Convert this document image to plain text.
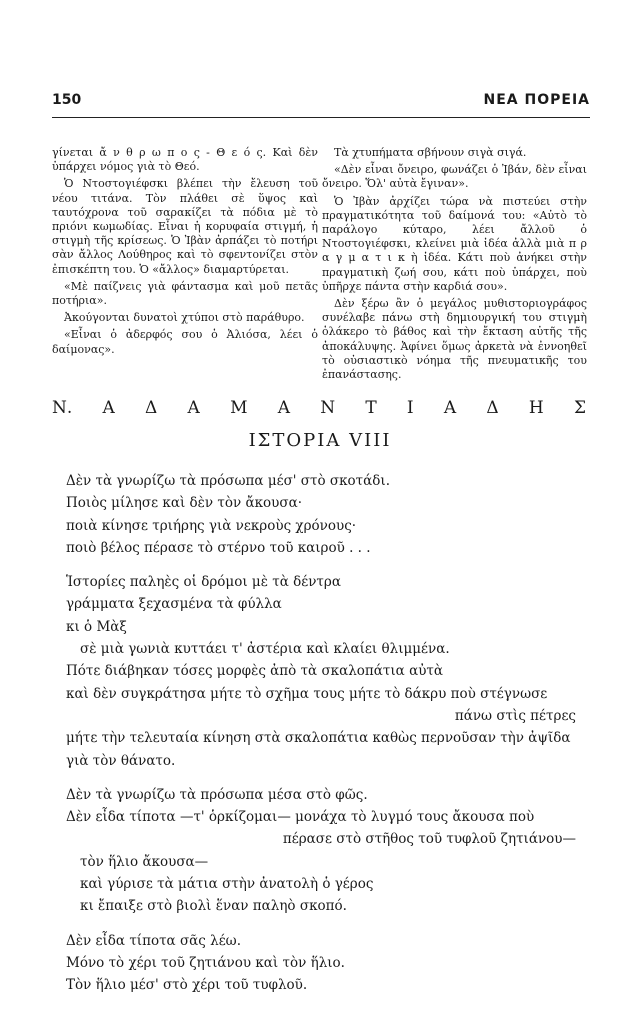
150	ΝΕΑ ΠΟΡΕΙΑ

γίνεται ἄ ν θ ρ ω π ο ς - Θ ε ό ς. Καὶ δὲν ὑπάρχει νόμος γιὰ τὸ Θεό.

Ὁ Ντοστογιέφσκι βλέπει τὴν ἔλευση τοῦ νέου τιτάνα. Τὸν πλάθει σὲ ὕψος καὶ ταυτόχρονα τοῦ σαρακίζει τὰ πόδια μὲ τὸ πριόνι κωμωδίας. Εἶναι ἡ κορυφαία στιγμή, ἡ στιγμὴ τῆς κρίσεως. Ὁ Ἰβὰν ἀρπάζει τὸ ποτήρι σὰν ἄλλος Λούθηρος καὶ τὸ σφεντονίζει στὸν ἐπισκέπτη του. Ὁ «ἄλλος» διαμαρτύρεται.

«Μὲ παίζνεις γιὰ φάντασμα καὶ μοῦ πετᾶς ποτήρια».

Ἀκούγονται δυνατοὶ χτύποι στὸ παράθυρο.

«Εἶναι ὁ ἀδερφός σου ὁ Ἀλιόσα, λέει ὁ δαίμονας».

Τὰ χτυπήματα σβήνουν σιγὰ σιγά.

«Δὲν εἶναι ὄνειρο, φωνάζει ὁ Ἰβάν, δὲν εἶναι ὄνειρο. Ὅλ' αὐτὰ ἔγιναν».

Ὁ Ἰβὰν ἀρχίζει τώρα νὰ πιστεύει στὴν πραγματικότητα τοῦ δαίμονά του: «Αὐτὸ τὸ παράλογο κύταρο, λέει ἄλλοῦ ὁ Ντοστογιέφσκι, κλείνει μιὰ ἰδέα ἀλλὰ μιὰ π ρ α γ μ α τ ι κ ὴ ἰδέα. Κάτι ποὺ ἀνήκει στὴν πραγματικὴ ζωή σου, κάτι ποὺ ὑπάρχει, ποὺ ὑπῆρχε πάντα στὴν καρδιά σου».

Δὲν ξέρω ἂν ὁ μεγάλος μυθιστοριογράφος συνέλαβε πάνω στὴ δημιουργική του στιγμὴ ὁλάκερο τὸ βάθος καὶ τὴν ἔκταση αὐτῆς τῆς ἀποκάλυψης. Ἀφίνει ὅμως ἀρκετὰ νὰ ἐννοηθεῖ τὸ οὐσιαστικὸ νόημα τῆς πνευματικῆς του ἐπανάστασης.

Ν. Α Δ Α Μ Α Ν Τ Ι Α Δ Η Σ
ΙΣΤΟΡΙΑ VIII
Δὲν τὰ γνωρίζω τὰ πρόσωπα μέσ' στὸ σκοτάδι.
Ποιὸς μίλησε καὶ δὲν τὸν ἄκουσα·
ποιὰ κίνησε τριήρης γιὰ νεκροὺς χρόνους·
ποιὸ βέλος πέρασε τὸ στέρνο τοῦ καιροῦ . . .
Ἱστορίες παληὲς οἱ δρόμοι μὲ τὰ δέντρα
γράμματα ξεχασμένα τὰ φύλλα
κι ὁ Μὰξ
σὲ μιὰ γωνιὰ κυττάει τ' ἀστέρια καὶ κλαίει θλιμμένα.
Πότε διάβηκαν τόσες μορφὲς ἀπὸ τὰ σκαλοπάτια αὐτὰ
καὶ δὲν συγκράτησα μήτε τὸ σχῆμα τους μήτε τὸ δάκρυ ποὺ στέγνωσε
πάνω στὶς πέτρες
μήτε τὴν τελευταία κίνηση στὰ σκαλοπάτια καθὼς περνοῦσαν τὴν ἀψῖδα
γιὰ τὸν θάνατο.
Δὲν τὰ γνωρίζω τὰ πρόσωπα μέσα στὸ φῶς.
Δὲν εἶδα τίποτα —τ' ὁρκίζομαι— μονάχα τὸ λυγμό τους ἄκουσα ποὺ
πέρασε στὸ στῆθος τοῦ τυφλοῦ ζητιάνου—
τὸν ἥλιο ἄκουσα—
καὶ γύρισε τὰ μάτια στὴν ἀνατολὴ ὁ γέρος
κι ἔπαιξε στὸ βιολὶ ἕναν παληὸ σκοπό.
Δὲν εἶδα τίποτα σᾶς λέω.
Μόνο τὸ χέρι τοῦ ζητιάνου καὶ τὸν ἥλιο.
Τὸν ἥλιο μέσ' στὸ χέρι τοῦ τυφλοῦ.
